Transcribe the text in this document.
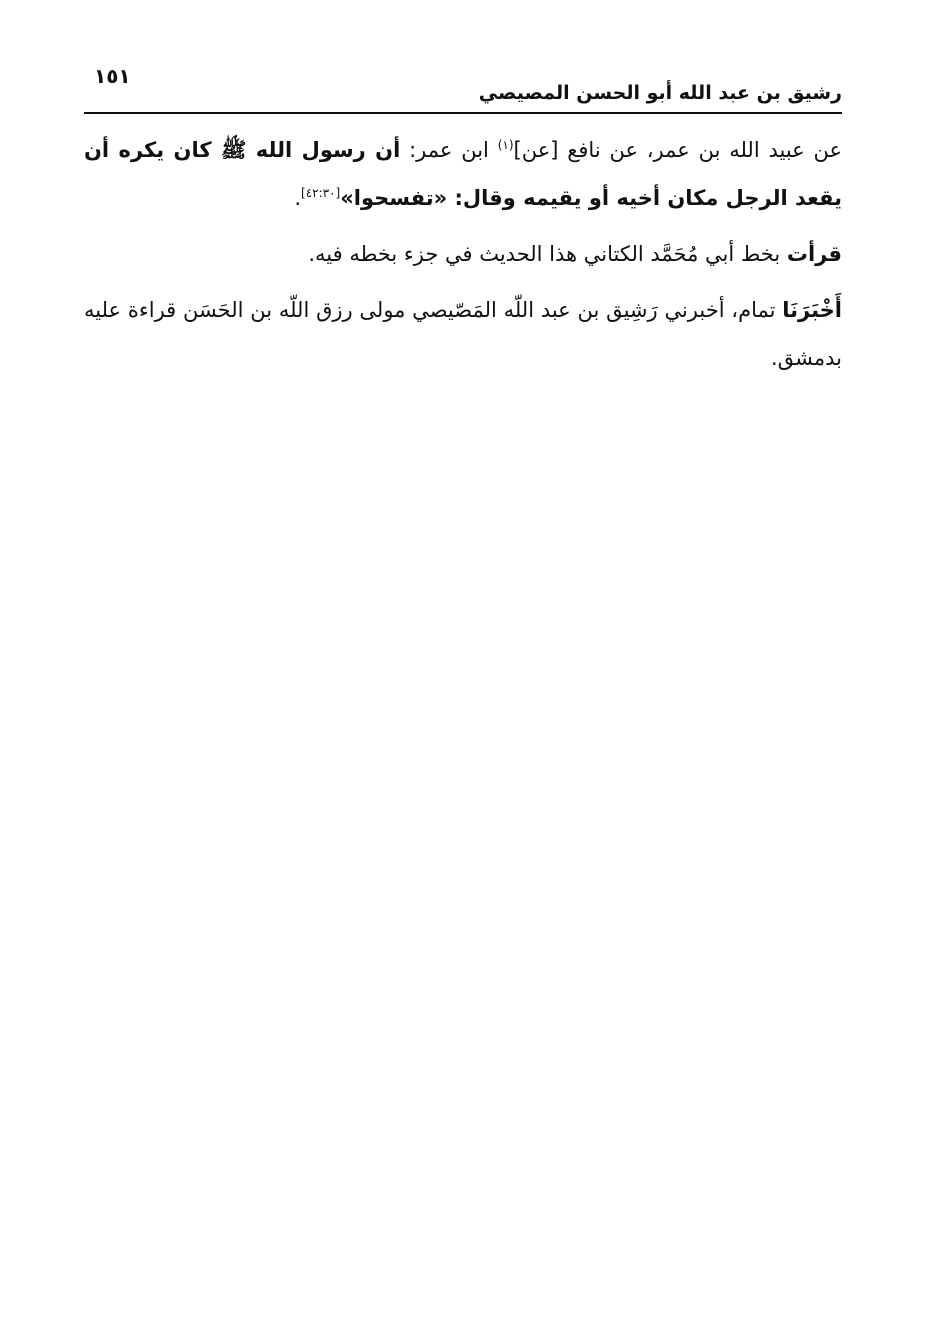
١٥١
رشيق بن عبد الله أبو الحسن المصيصي

عن عبيد الله بن عمر، عن نافع [عن]$^{(١)}$ ابن عمر: أن رسول الله ﷺ كان يكره أن يقعد الرجل مكان أخيه أو يقيمه وقال: «تفسحوا»[٤٢:٣٠].

قرأت بخط أبي مُحَمَّد الكتاني هذا الحديث في جزء بخطه فيه.

أَخْبَرَنَا تمام، أخبرني رَشِيق بن عبد اللّه المَصّيصي مولى رزق اللّه بن الحَسَن قراءة عليه بدمشق.
